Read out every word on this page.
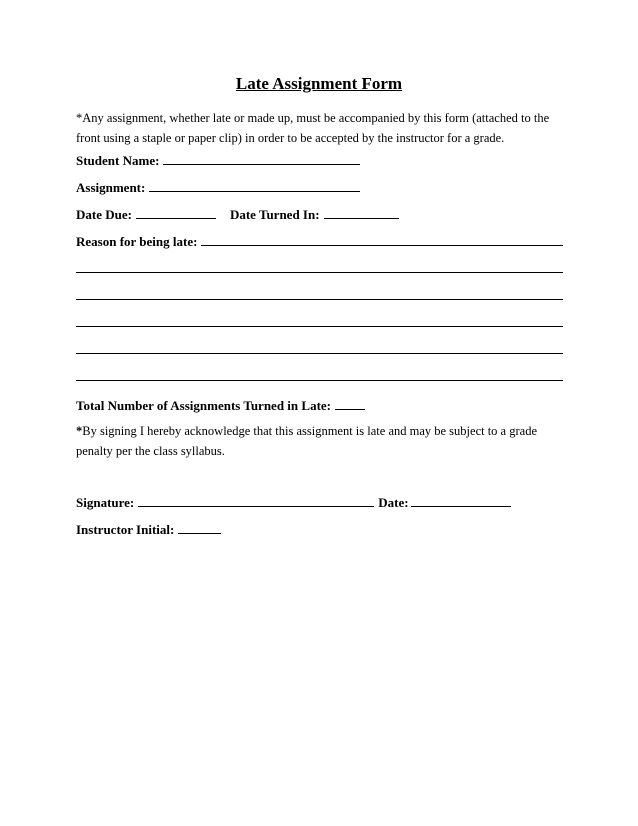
Late Assignment Form
*Any assignment, whether late or made up, must be accompanied by this form (attached to the front using a staple or paper clip) in order to be accepted by the instructor for a grade.
Student Name:
Assignment:
Date Due:	Date Turned In:
Reason for being late:
Total Number of Assignments Turned in Late:
*By signing I hereby acknowledge that this assignment is late and may be subject to a grade penalty per the class syllabus.
Signature:	Date:
Instructor Initial:
